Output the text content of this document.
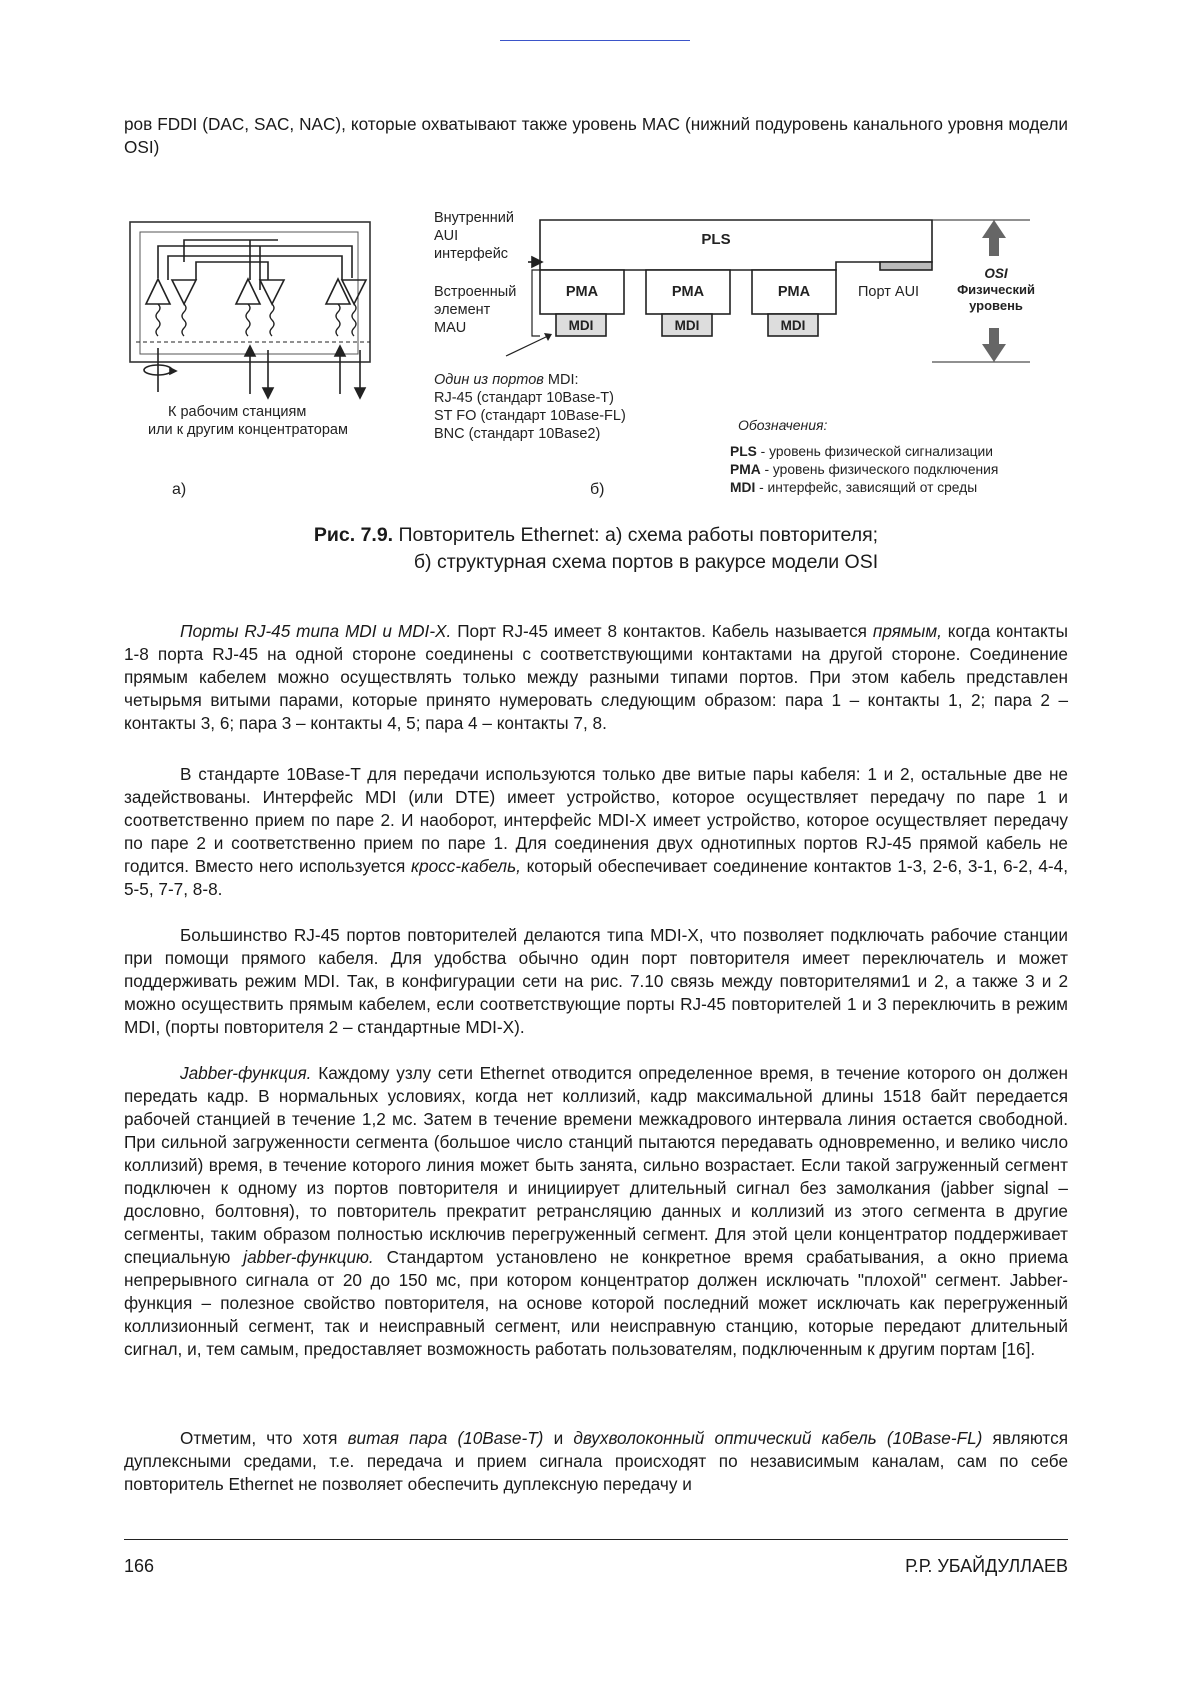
ров FDDI (DAC, SAC, NAC), которые охватывают также уровень MAC (нижний подуровень канального уровня модели OSI)

К рабочим станциям
или к другим концентраторам
а)
Внутренний
AUI
интерфейс
PLS
PMA	PMA	PMA
MDI	MDI	MDI
Встроенный
элемент
MAU
Порт AUI
OSI
Физический
уровень
Один из портов MDI:
RJ-45 (стандарт 10Base-T)
ST FO (стандарт 10Base-FL)
BNC (стандарт 10Base2)
Обозначения:
PLS - уровень физической сигнализации
PMA - уровень физического подключения
MDI - интерфейс, зависящий от среды
б)
Рис. 7.9. Повторитель Ethernet: а) схема работы повторителя;
б) структурная схема портов в ракурсе модели OSI

Порты RJ-45 типа MDI и MDI-X. Порт RJ-45 имеет 8 контактов. Кабель называется прямым, когда контакты 1-8 порта RJ-45 на одной стороне соединены с соответствующими контактами на другой стороне. Соединение прямым кабелем можно осуществлять только между разными типами портов. При этом кабель представлен четырьмя витыми парами, которые принято нумеровать следующим образом: пара 1 – контакты 1, 2; пара 2 – контакты 3, 6; пара 3 – контакты 4, 5; пара 4 – контакты 7, 8.

В стандарте 10Base-T для передачи используются только две витые пары кабеля: 1 и 2, остальные две не задействованы. Интерфейс MDI (или DTE) имеет устройство, которое осуществляет передачу по паре 1 и соответственно прием по паре 2. И наоборот, интерфейс MDI-X имеет устройство, которое осуществляет передачу по паре 2 и соответственно прием по паре 1. Для соединения двух однотипных портов RJ-45 прямой кабель не годится. Вместо него используется кросс-кабель, который обеспечивает соединение контактов 1-3, 2-6, 3-1, 6-2, 4-4, 5-5, 7-7, 8-8.

Большинство RJ-45 портов повторителей делаются типа MDI-X, что позволяет подключать рабочие станции при помощи прямого кабеля. Для удобства обычно один порт повторителя имеет переключатель и может поддерживать режим MDI. Так, в конфигурации сети на рис. 7.10 связь между повторителями1 и 2, а также 3 и 2 можно осуществить прямым кабелем, если соответствующие порты RJ-45 повторителей 1 и 3 переключить в режим MDI, (порты повторителя 2 – стандартные MDI-X).

Jabber-функция. Каждому узлу сети Ethernet отводится определенное время, в течение которого он должен передать кадр. В нормальных условиях, когда нет коллизий, кадр максимальной длины 1518 байт передается рабочей станцией в течение 1,2 мс. Затем в течение времени межкадрового интервала линия остается свободной. При сильной загруженности сегмента (большое число станций пытаются передавать одновременно, и велико число коллизий) время, в течение которого линия может быть занята, сильно возрастает. Если такой загруженный сегмент подключен к одному из портов повторителя и инициирует длительный сигнал без замолкания (jabber signal – дословно, болтовня), то повторитель прекратит ретрансляцию данных и коллизий из этого сегмента в другие сегменты, таким образом полностью исключив перегруженный сегмент. Для этой цели концентратор поддерживает специальную jabber-функцию. Стандартом установлено не конкретное время срабатывания, а окно приема непрерывного сигнала от 20 до 150 мс, при котором концентратор должен исключать "плохой" сегмент. Jabber-функция – полезное свойство повторителя, на основе которой последний может исключать как перегруженный коллизионный сегмент, так и неисправный сегмент, или неисправную станцию, которые передают длительный сигнал, и, тем самым, предоставляет возможность работать пользователям, подключенным к другим портам [16].

Отметим, что хотя витая пара (10Base-T) и двухволоконный оптический кабель (10Base-FL) являются дуплексными средами, т.е. передача и прием сигнала происходят по независимым каналам, сам по себе повторитель Ethernet не позволяет обеспечить дуплексную передачу и

166	Р.Р. УБАЙДУЛЛАЕВ
